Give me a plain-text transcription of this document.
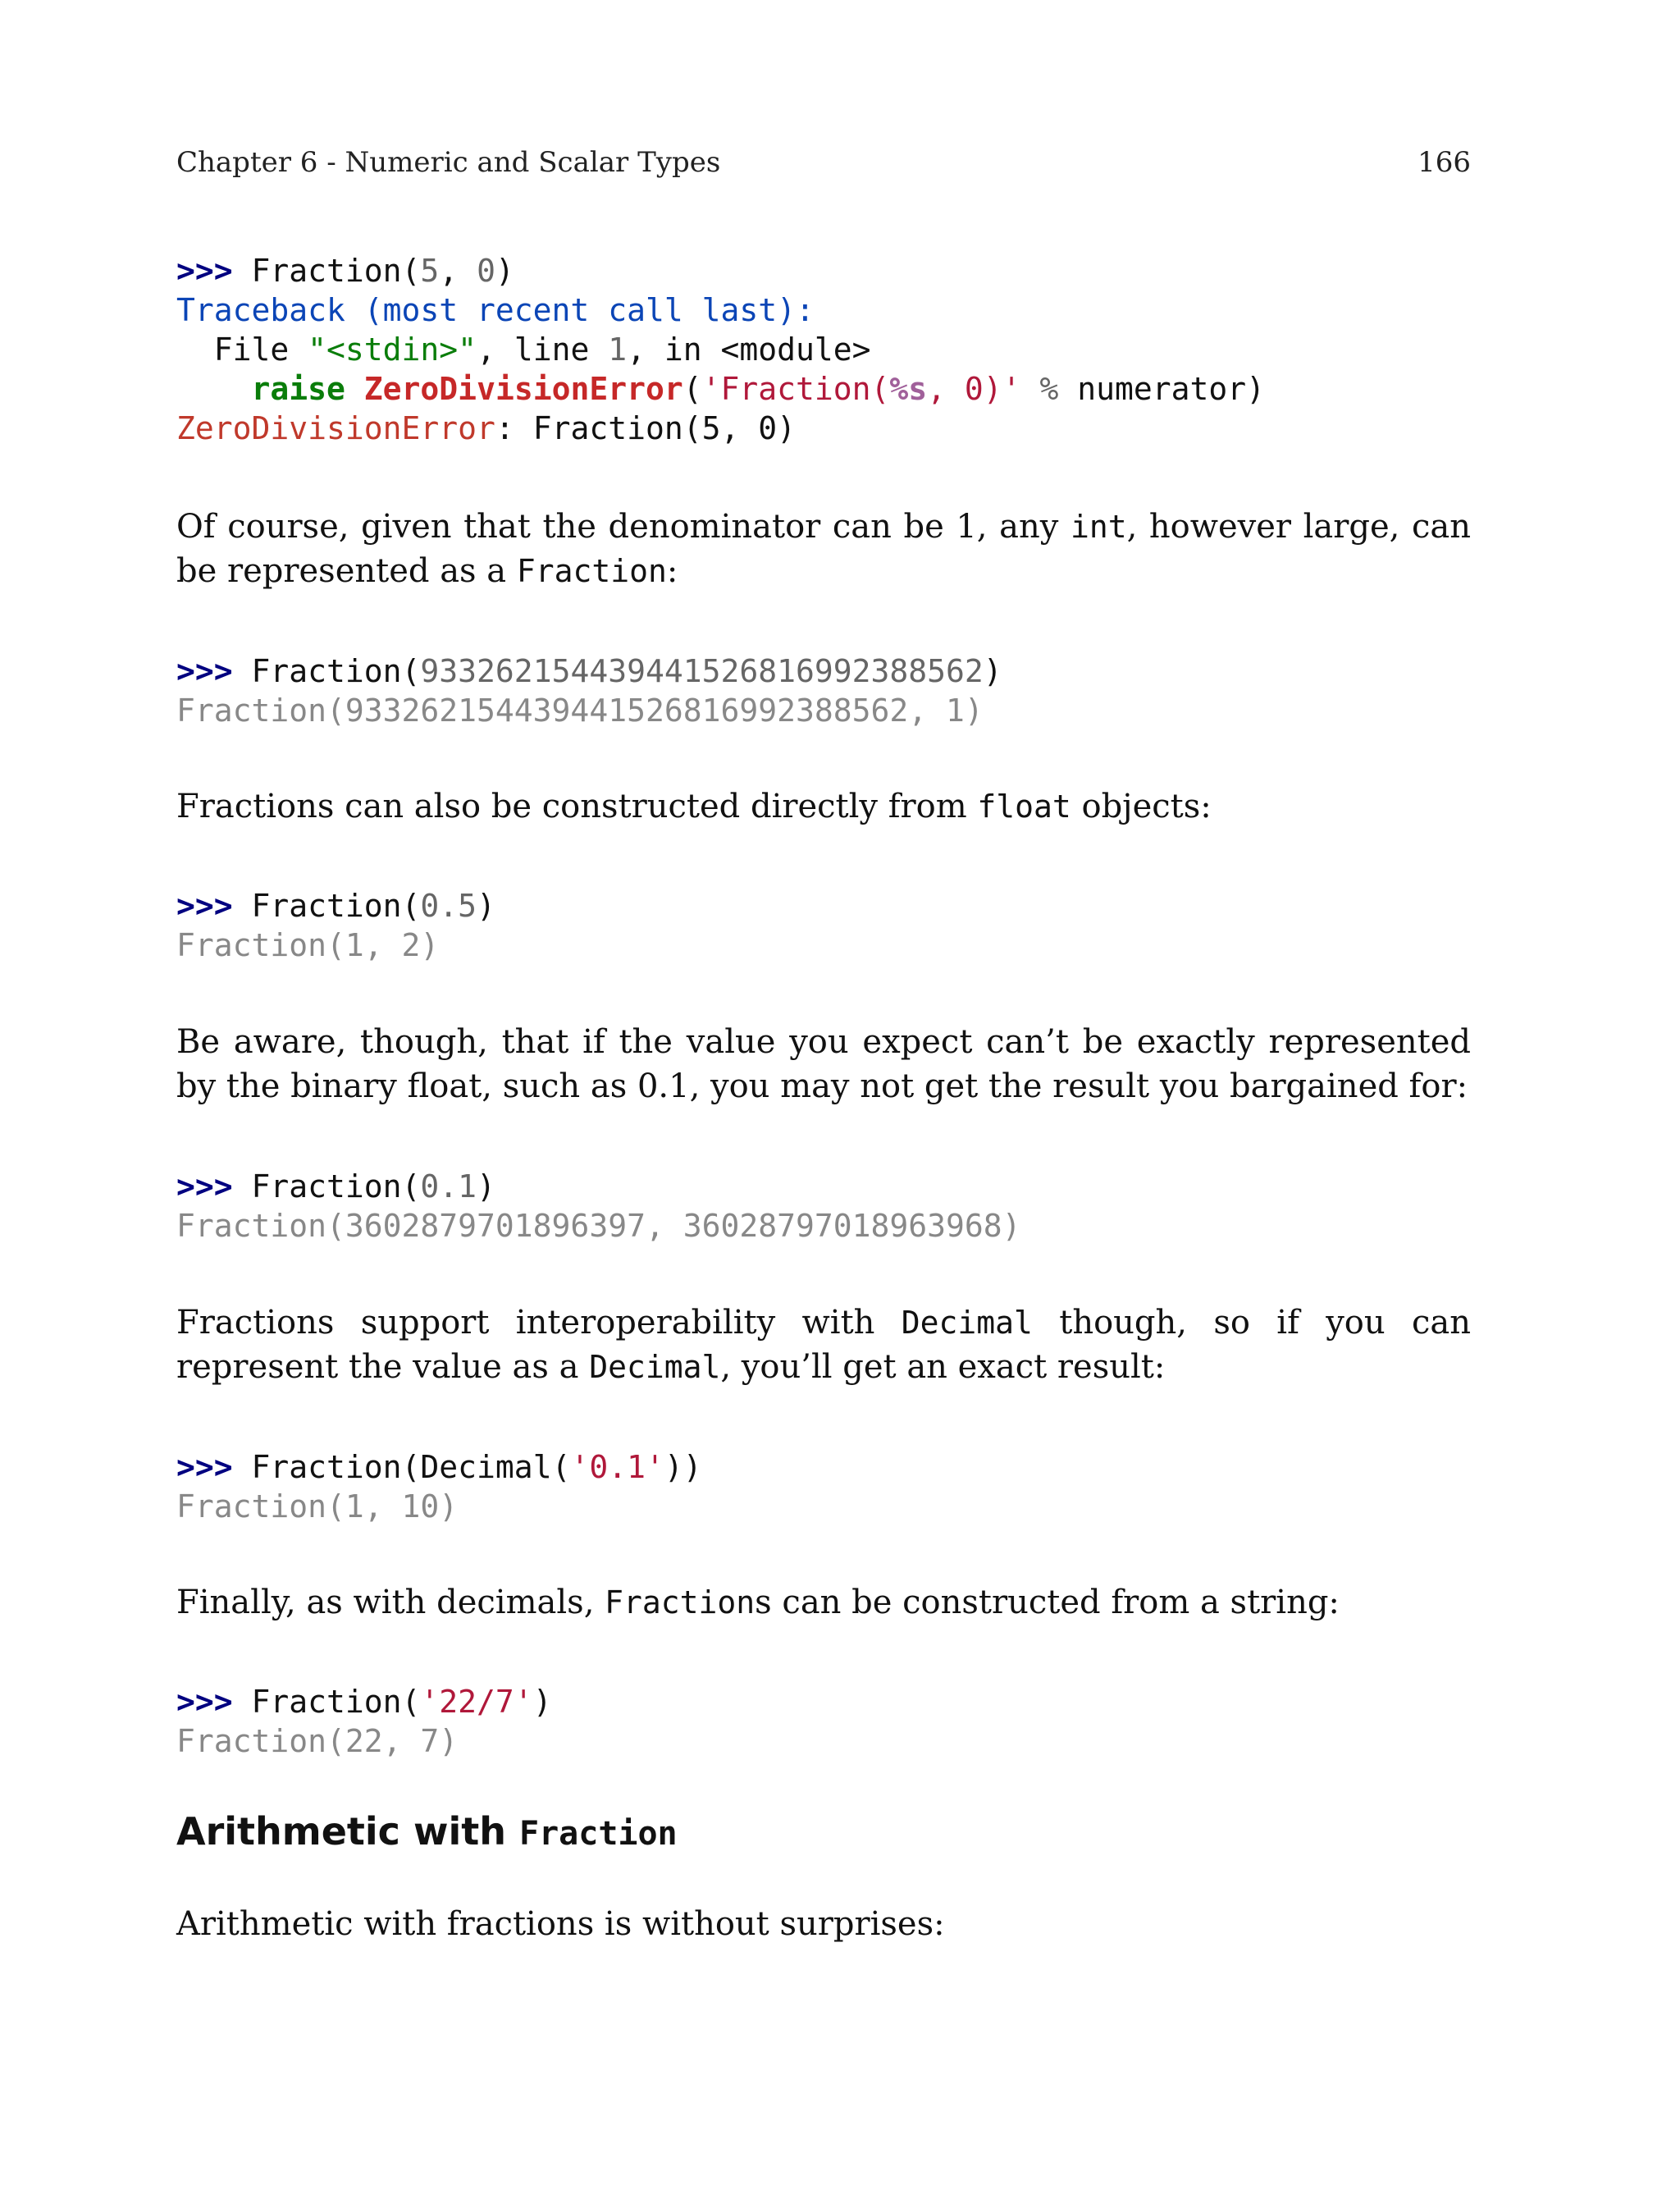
Chapter 6 - Numeric and Scalar Types	166
>>> Fraction(5, 0)
Traceback (most recent call last):
File "<stdin>", line 1, in <module>
raise ZeroDivisionError('Fraction(%s, 0)' % numerator)
ZeroDivisionError: Fraction(5, 0)

Of course, given that the denominator can be 1, any int, however large, can be represented as a Fraction:

>>> Fraction(933262154439441526816992388562)
Fraction(933262154439441526816992388562, 1)

Fractions can also be constructed directly from float objects:

>>> Fraction(0.5)
Fraction(1, 2)

Be aware, though, that if the value you expect can’t be exactly represented by the binary float, such as 0.1, you may not get the result you bargained for:

>>> Fraction(0.1)
Fraction(3602879701896397, 36028797018963968)

Fractions support interoperability with Decimal though, so if you can represent the value as a Decimal, you’ll get an exact result:

>>> Fraction(Decimal('0.1'))
Fraction(1, 10)

Finally, as with decimals, Fractions can be constructed from a string:

>>> Fraction('22/7')
Fraction(22, 7)
Arithmetic with Fraction

Arithmetic with fractions is without surprises:
